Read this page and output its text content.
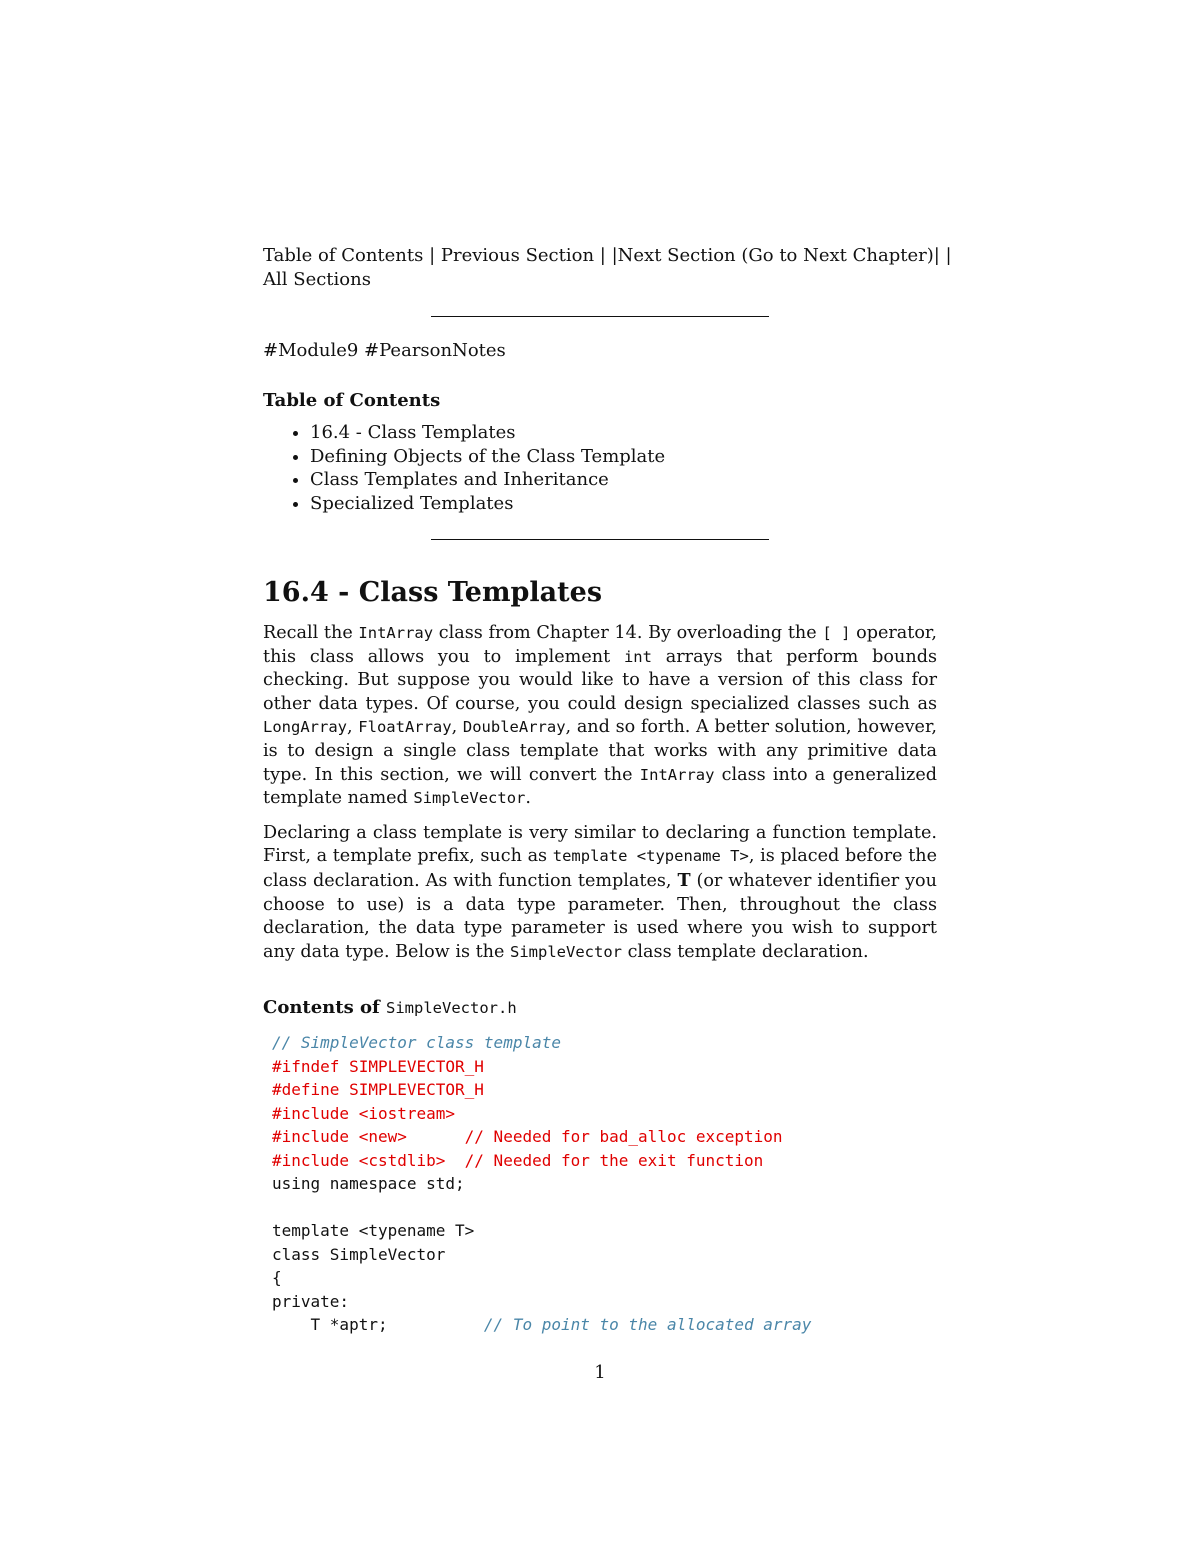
Table of Contents | Previous Section | |Next Section (Go to Next Chapter)| |
All Sections

#Module9 #PearsonNotes

Table of Contents

• 16.4 - Class Templates
• Defining Objects of the Class Template
• Class Templates and Inheritance
• Specialized Templates
16.4 - Class Templates

Recall the IntArray class from Chapter 14. By overloading the [ ] operator, this class allows you to implement int arrays that perform bounds checking. But suppose you would like to have a version of this class for other data types. Of course, you could design specialized classes such as LongArray, FloatArray, DoubleArray, and so forth. A better solution, however, is to design a single class template that works with any primitive data type. In this section, we will convert the IntArray class into a generalized template named SimpleVector.

Declaring a class template is very similar to declaring a function template. First, a template prefix, such as template <typename T>, is placed before the class declaration. As with function templates, T (or whatever identifier you choose to use) is a data type parameter. Then, throughout the class declaration, the data type parameter is used where you wish to support any data type. Below is the SimpleVector class template declaration.

Contents of SimpleVector.h

// SimpleVector class template
#ifndef SIMPLEVECTOR_H
#define SIMPLEVECTOR_H
#include <iostream>
#include <new>      // Needed for bad_alloc exception
#include <cstdlib>  // Needed for the exit function
using namespace std;

template <typename T>
class SimpleVector
{
private:
T *aptr;          // To point to the allocated array
1
